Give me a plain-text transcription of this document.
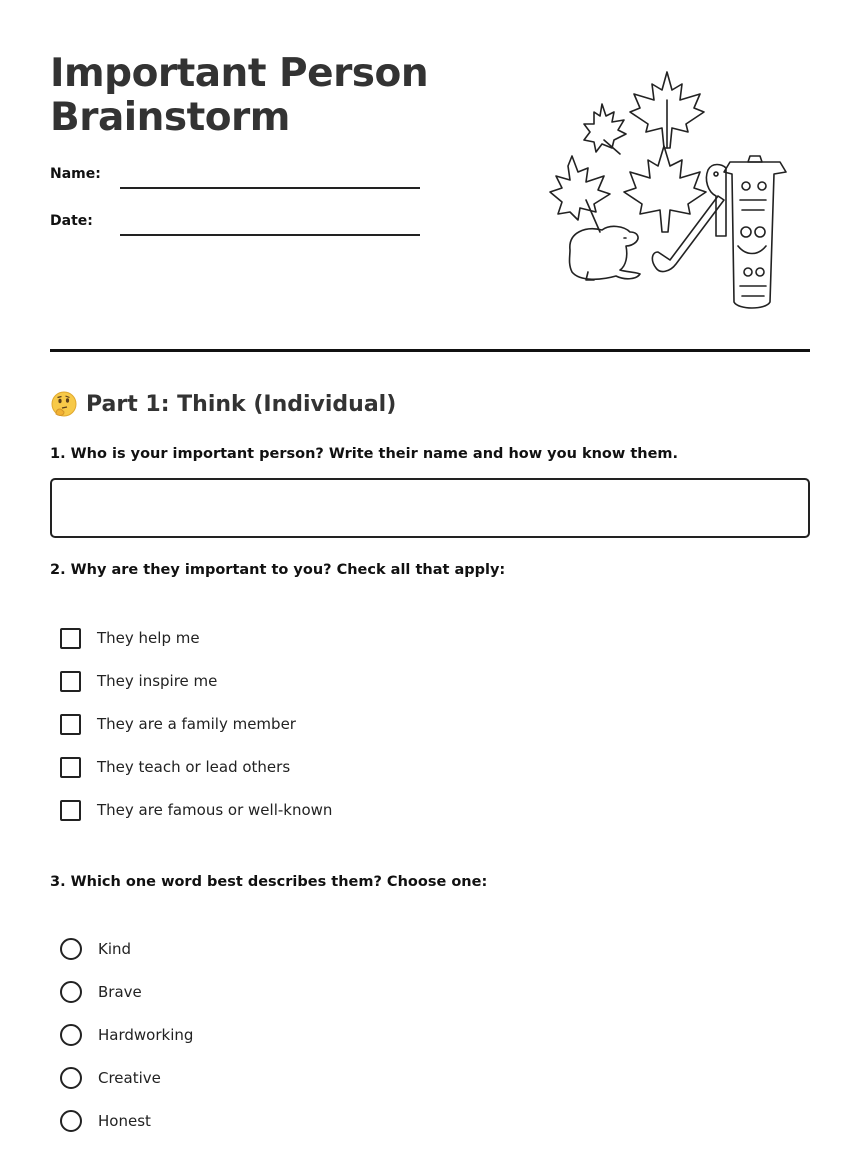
Important Person
Brainstorm
Name:
Date:
Part 1: Think (Individual)
1. Who is your important person? Write their name and how you know them.
2. Why are they important to you? Check all that apply:
They help me
They inspire me
They are a family member
They teach or lead others
They are famous or well-known
3. Which one word best describes them? Choose one:
Kind
Brave
Hardworking
Creative
Honest
